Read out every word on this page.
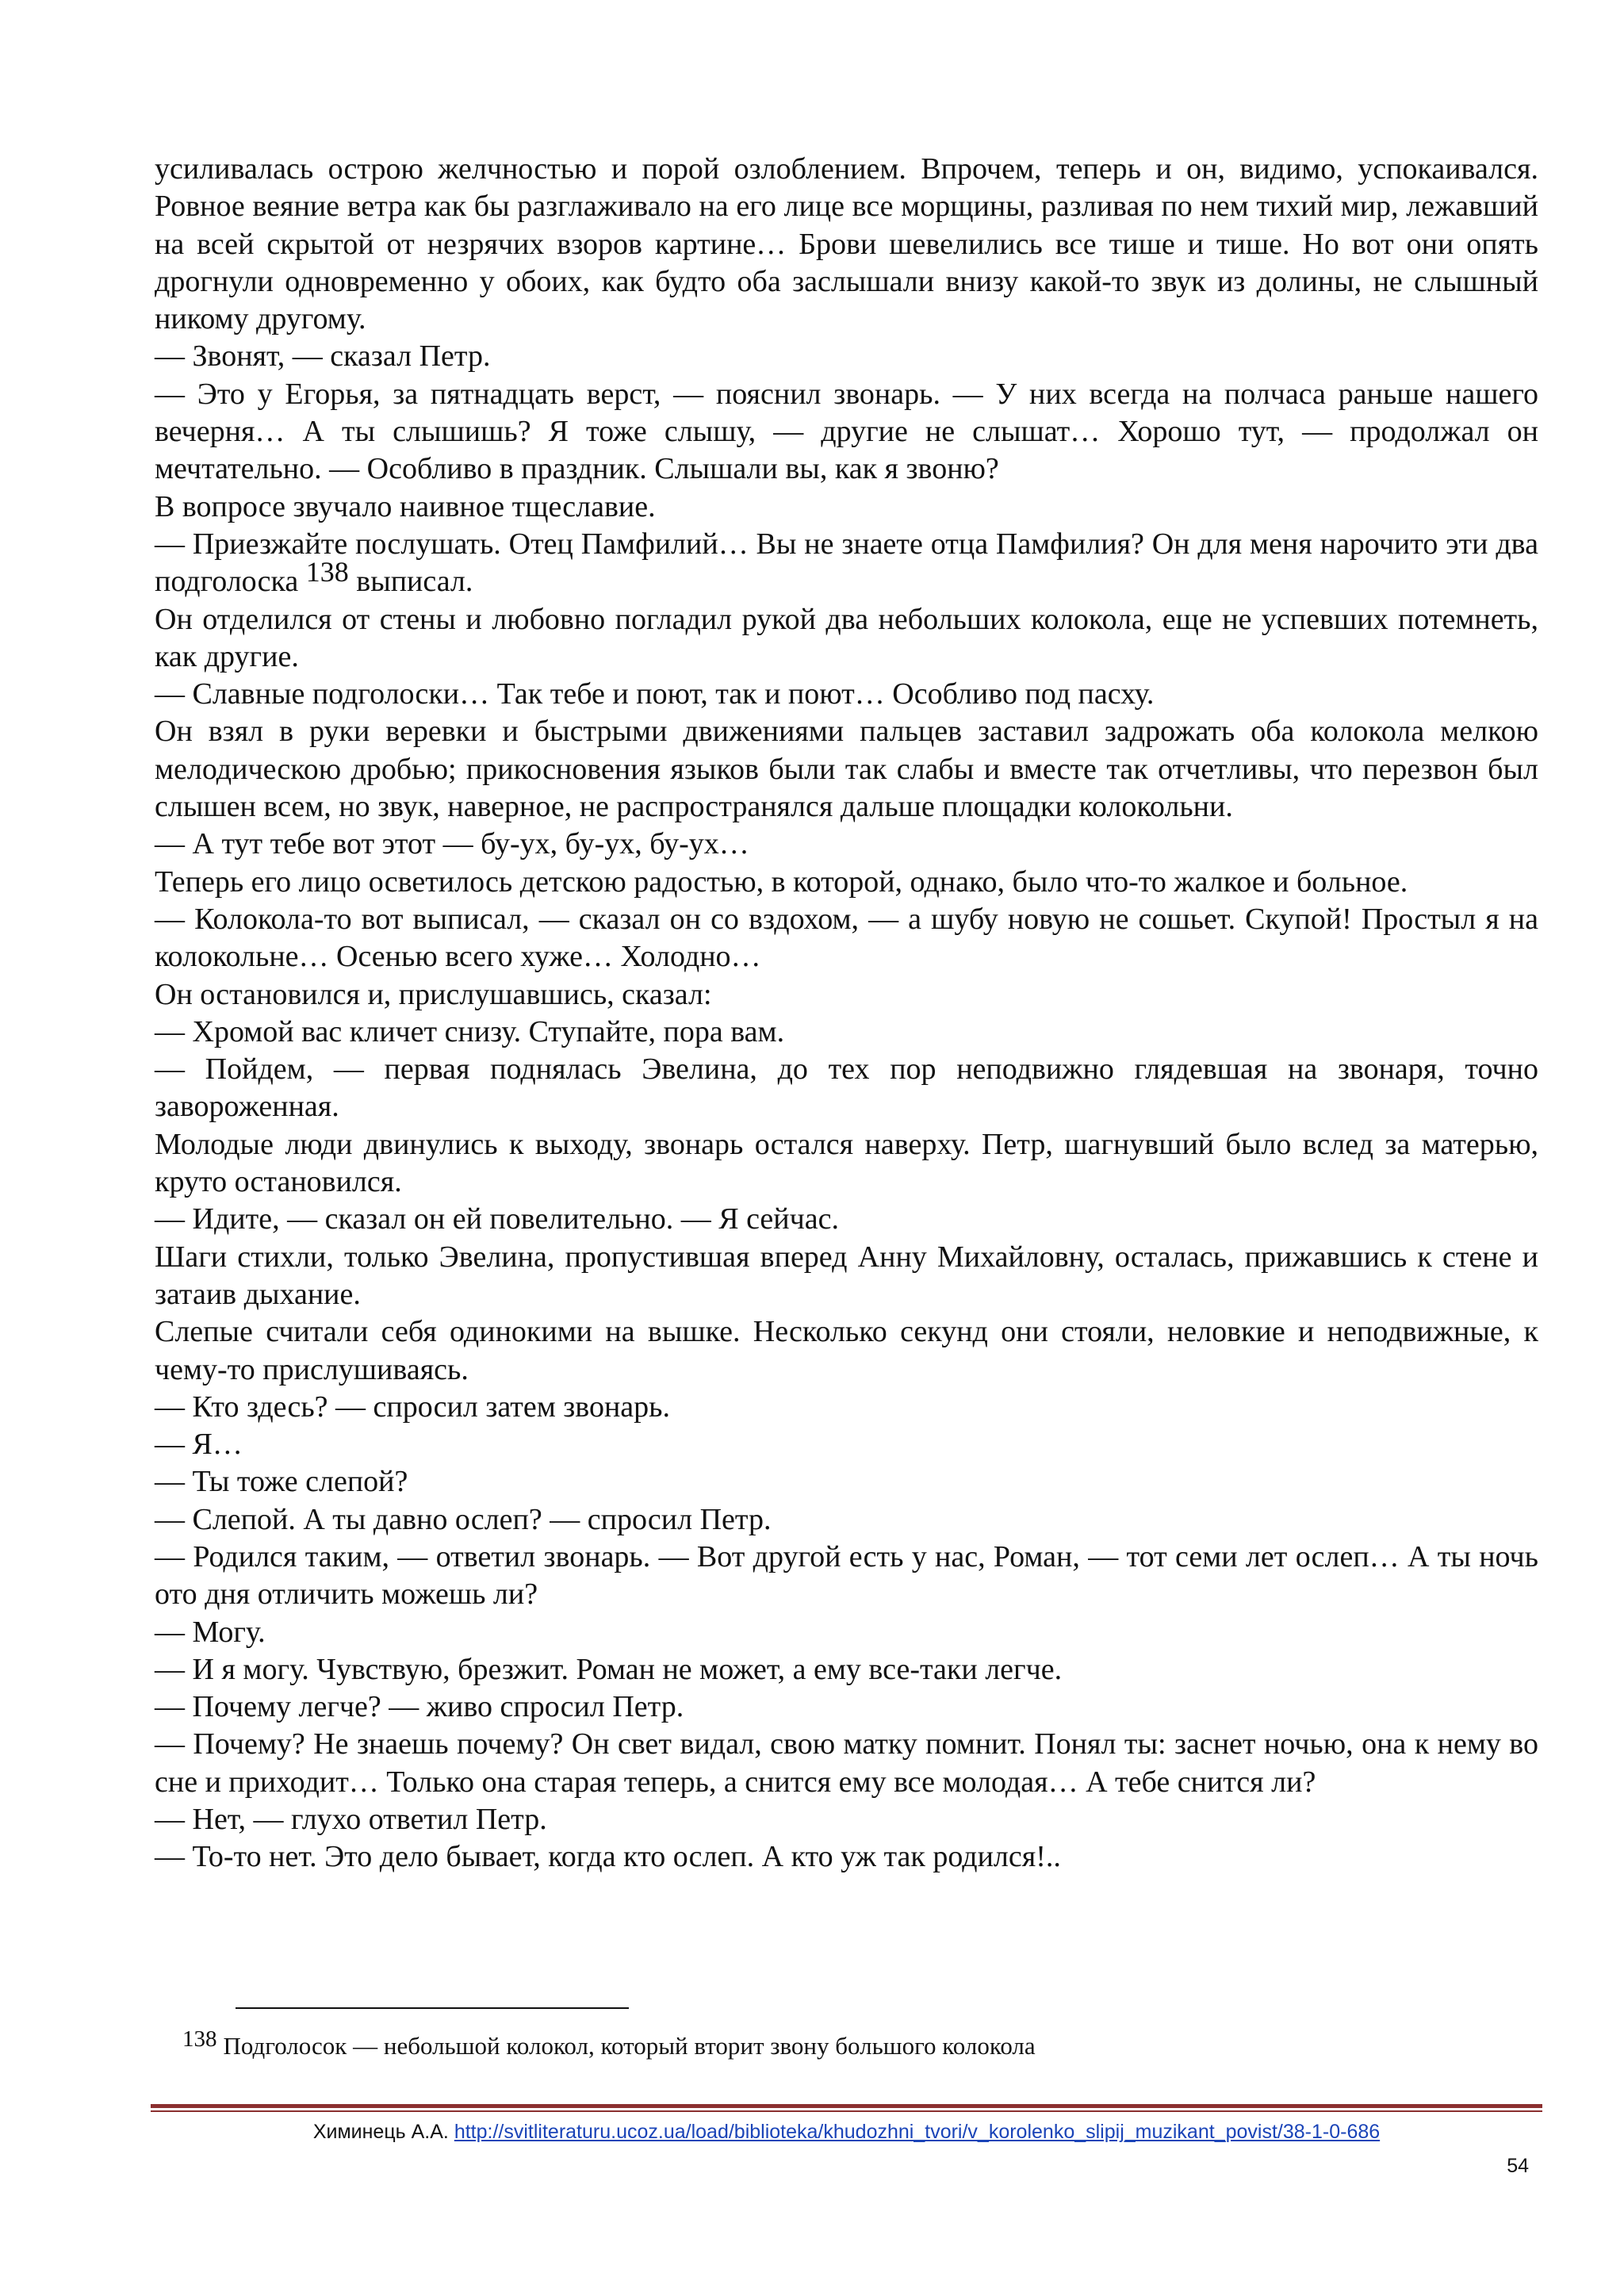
усиливалась острою желчностью и порой озлоблением. Впрочем, теперь и он, видимо, успокаивался. Ровное веяние ветра как бы разглаживало на его лице все морщины, разливая по нем тихий мир, лежавший на всей скрытой от незрячих взоров картине… Брови шевелились все тише и тише. Но вот они опять дрогнули одновременно у обоих, как будто оба заслышали внизу какой-то звук из долины, не слышный никому другому.

— Звонят, — сказал Петр.

— Это у Егорья, за пятнадцать верст, — пояснил звонарь. — У них всегда на полчаса раньше нашего вечерня… А ты слышишь? Я тоже слышу, — другие не слышат… Хорошо тут, — продолжал он мечтательно. — Особливо в праздник. Слышали вы, как я звоню?

В вопросе звучало наивное тщеславие.

— Приезжайте послушать. Отец Памфилий… Вы не знаете отца Памфилия? Он для меня нарочито эти два подголоска $^{138}$ выписал.

Он отделился от стены и любовно погладил рукой два небольших колокола, еще не успевших потемнеть, как другие.

— Славные подголоски… Так тебе и поют, так и поют… Особливо под пасху.

Он взял в руки веревки и быстрыми движениями пальцев заставил задрожать оба колокола мелкою мелодическою дробью; прикосновения языков были так слабы и вместе так отчетливы, что перезвон был слышен всем, но звук, наверное, не распространялся дальше площадки колокольни.

— А тут тебе вот этот — бу-ух, бу-ух, бу-ух…

Теперь его лицо осветилось детскою радостью, в которой, однако, было что-то жалкое и больное.

— Колокола-то вот выписал, — сказал он со вздохом, — а шубу новую не сошьет. Скупой! Простыл я на колокольне… Осенью всего хуже… Холодно…

Он остановился и, прислушавшись, сказал:

— Хромой вас кличет снизу. Ступайте, пора вам.

— Пойдем, — первая поднялась Эвелина, до тех пор неподвижно глядевшая на звонаря, точно завороженная.

Молодые люди двинулись к выходу, звонарь остался наверху. Петр, шагнувший было вслед за матерью, круто остановился.

— Идите, — сказал он ей повелительно. — Я сейчас.

Шаги стихли, только Эвелина, пропустившая вперед Анну Михайловну, осталась, прижавшись к стене и затаив дыхание.

Слепые считали себя одинокими на вышке. Несколько секунд они стояли, неловкие и неподвижные, к чему-то прислушиваясь.

— Кто здесь? — спросил затем звонарь.

— Я…

— Ты тоже слепой?

— Слепой. А ты давно ослеп? — спросил Петр.

— Родился таким, — ответил звонарь. — Вот другой есть у нас, Роман, — тот семи лет ослеп… А ты ночь ото дня отличить можешь ли?

— Могу.

— И я могу. Чувствую, брезжит. Роман не может, а ему все-таки легче.

— Почему легче? — живо спросил Петр.

— Почему? Не знаешь почему? Он свет видал, свою матку помнит. Понял ты: заснет ночью, она к нему во сне и приходит… Только она старая теперь, а снится ему все молодая… А тебе снится ли?

— Нет, — глухо ответил Петр.

— То-то нет. Это дело бывает, когда кто ослеп. А кто уж так родился!..

$^{138}$ Подголосок — небольшой колокол, который вторит звону большого колокола

Химинець А.А. http://svitliteraturu.ucoz.ua/load/biblioteka/khudozhni_tvori/v_korolenko_slipij_muzikant_povist/38-1-0-686
54
